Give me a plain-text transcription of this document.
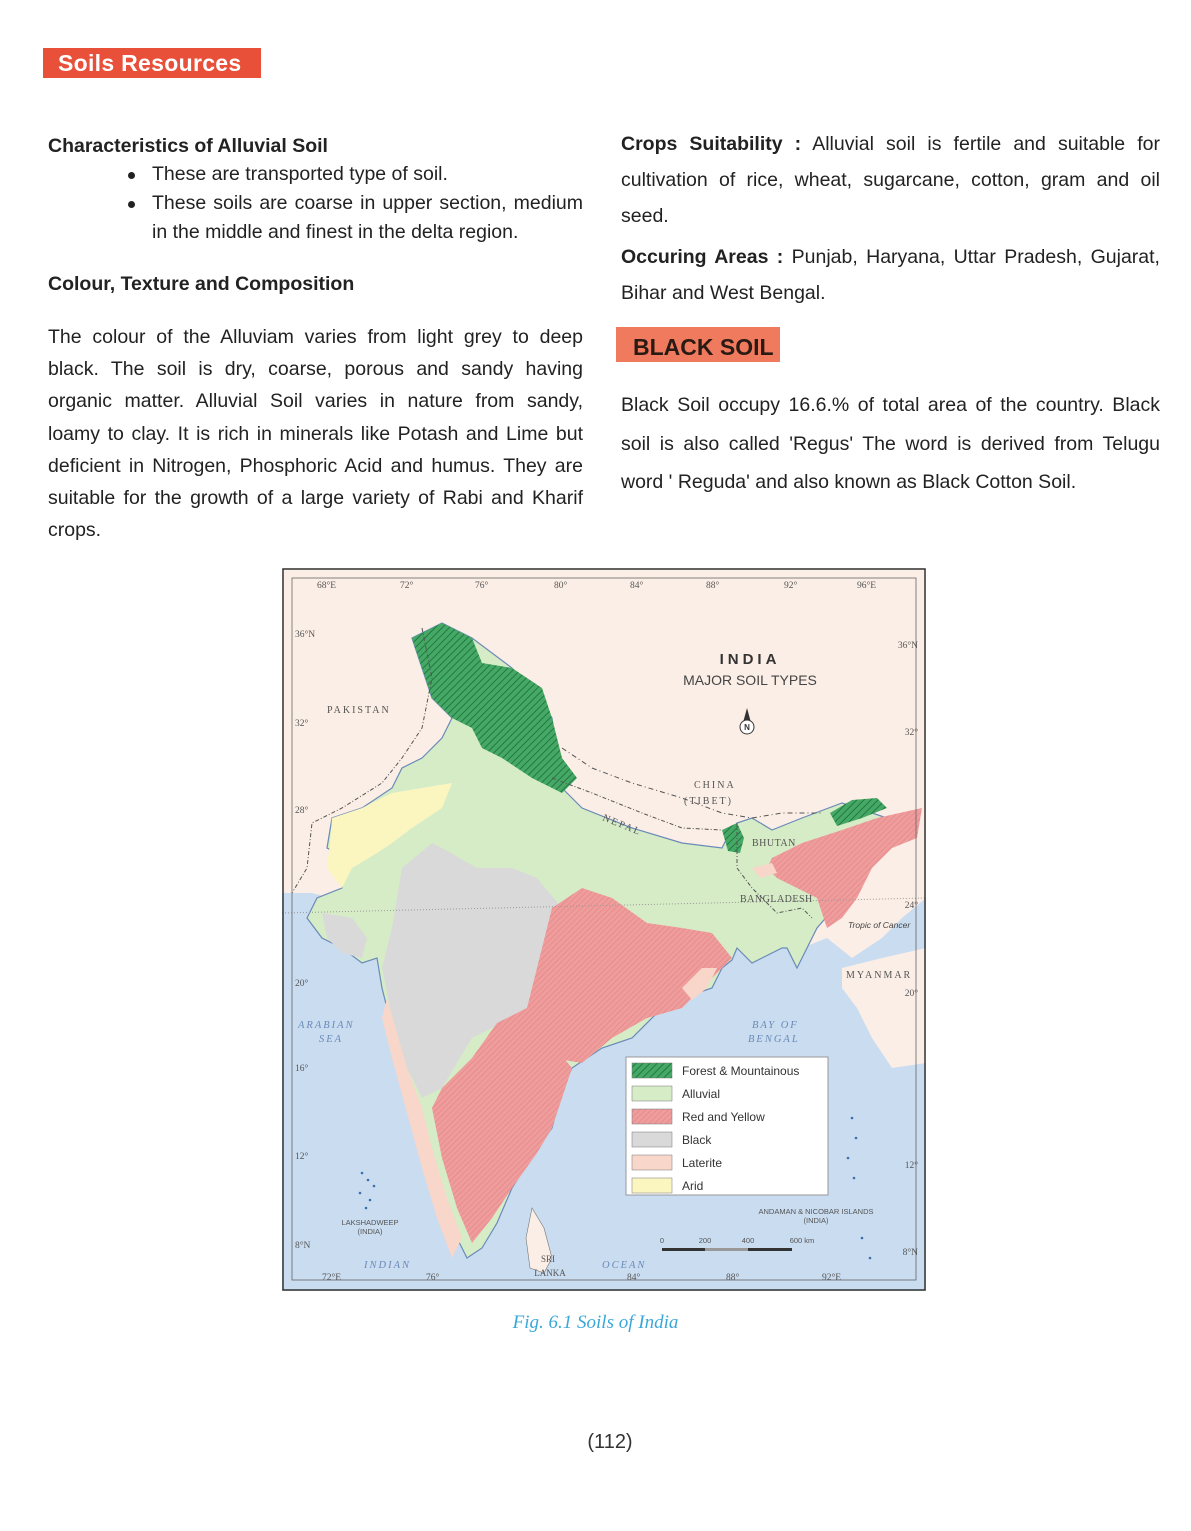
Soils Resources

Characteristics of Alluvial Soil

These are transported type of soil.
These soils are coarse in upper section, medium in the middle and finest in the delta region.

Colour, Texture and Composition

The colour of the Alluviam varies from light grey to deep black. The soil is dry, coarse, porous and sandy having organic matter. Alluvial Soil varies in nature from sandy, loamy to clay. It is rich in minerals like Potash and Lime but deficient in Nitrogen, Phosphoric Acid and humus. They are suitable for the growth of a large variety of Rabi and Kharif crops.

Crops Suitability : Alluvial soil is fertile and suitable for cultivation of rice, wheat, sugarcane, cotton, gram and oil seed.

Occuring Areas : Punjab, Haryana, Uttar Pradesh, Gujarat, Bihar and West Bengal.

BLACK SOIL

Black Soil occupy 16.6.% of total area of the country. Black soil is also called 'Regus' The word is derived from Telugu word ' Reguda' and also known as Black Cotton Soil.

68°E	72°	76°	80°	84°	88°	92°	96°E
36°N
32°
28°
20°
16°
12°
8°N
36°N
32°
24°
20°
12°
8°N
72°E	76°	84°	88°	92°E
INDIA
MAJOR SOIL TYPES
N
PAKISTAN
CHINA
(TIBET)
NEPAL
BHUTAN
BANGLADESH
MYANMAR
Tropic of Cancer
ARABIAN
SEA
BAY OF
BENGAL
INDIAN	OCEAN
SRI
LANKA
LAKSHADWEEP
(INDIA)
ANDAMAN & NICOBAR ISLANDS
(INDIA)
0	200	400	600 km
Forest & Mountainous
Alluvial
Red and Yellow
Black
Laterite
Arid
Fig. 6.1 Soils of India
(112)
